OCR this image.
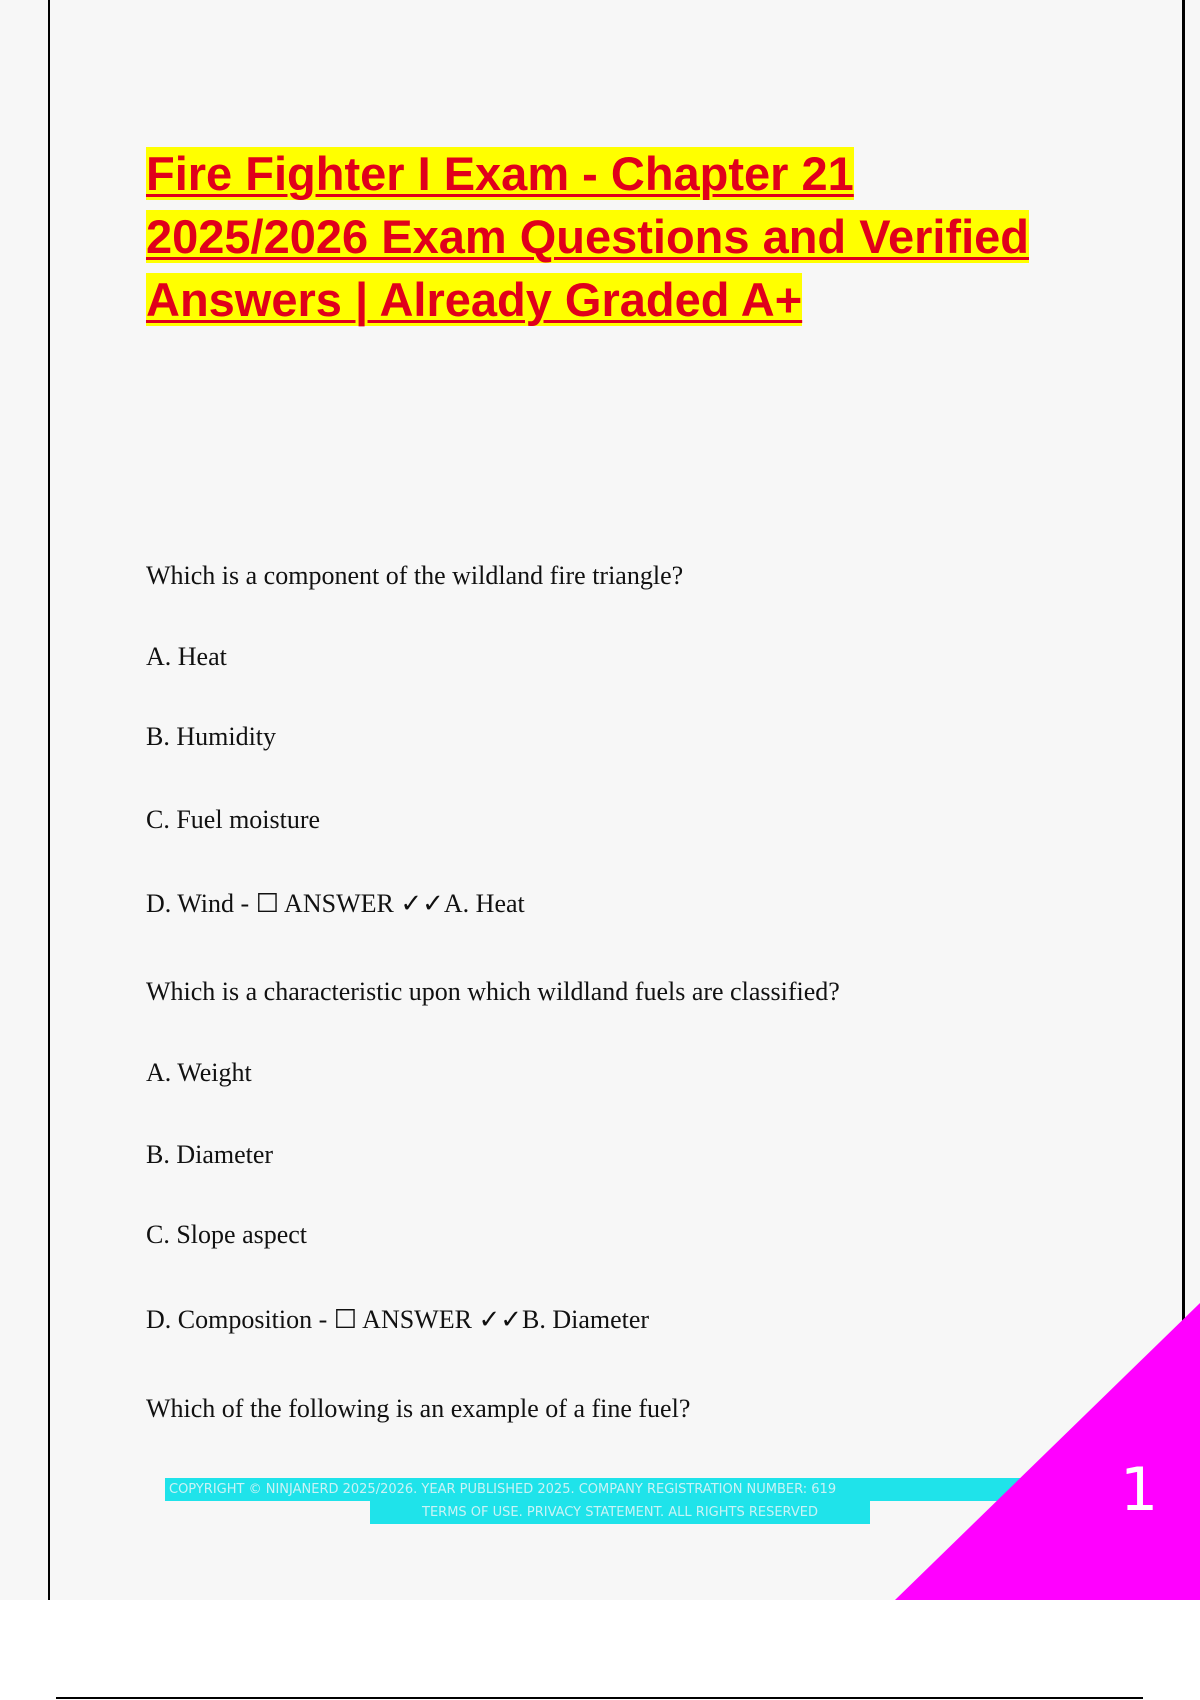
Fire Fighter I Exam - Chapter 21
2025/2026 Exam Questions and Verified
Answers | Already Graded A+

Which is a component of the wildland fire triangle?

A. Heat

B. Humidity

C. Fuel moisture

D. Wind - ☐ ANSWER ✓✓A. Heat

Which is a characteristic upon which wildland fuels are classified?

A. Weight

B. Diameter

C. Slope aspect

D. Composition - ☐ ANSWER ✓✓B. Diameter

Which of the following is an example of a fine fuel?

COPYRIGHT © NINJANERD 2025/2026. YEAR PUBLISHED 2025. COMPANY REGISTRATION NUMBER: 619
TERMS OF USE. PRIVACY STATEMENT. ALL RIGHTS RESERVED	1
